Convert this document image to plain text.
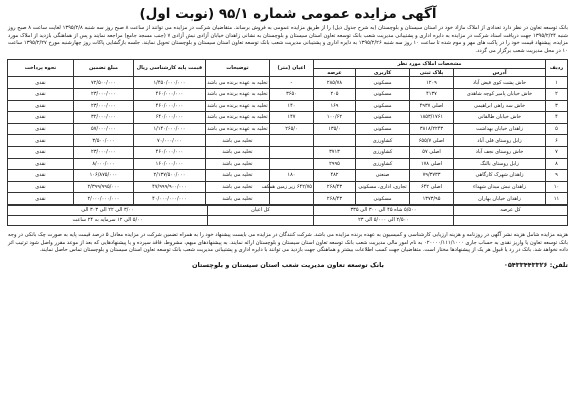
آگهی مزایده عمومی شماره ۹۵/۱ (نوبت اول)
بانک توسعه تعاون در نظر دارد تعدادی از املاک مازاد خود در استان سیستان و بلوچستان (به شرح جدول ذیل) را از طریق مزایده عمومی به فروش برساند. متقاضیان شرکت در مزایده می توانند از ساعت ۸ صبح روز سه شنبه ۱۳۹۵/۲/۸ لغایت ساعت ۸ صبح روز شنبه ۱۳۹۵/۲/۲۴ جهت دریافت اسناد شرکت در مزایده به دایره اداری و پشتیبانی مدیریت شعب بانک توسعه تعاون استان سیستان و بلوچستان به نشانی زاهدان خیابان آزادی نبش آزادی ۷ (جنب مسجد جامع) مراجعه نمایند و پس از هماهنگی بازدید از املاک مورد مزایده، پیشنهاد قیمت خود را در پاکت های مهر و موم شده تا ساعت ۱۰ روز سه شنبه ۱۳۹۵/۲/۲۶ به دایره اداری و پشتیبانی مدیریت شعب بانک توسعه تعاون استان سیستان و بلوچستان تحویل نمایند. جلسه بازگشایی پاکات روز چهارشنبه مورخ ۱۳۹۵/۲/۲۷ ساعت ۱۰ در محل مدیریت شعب برگزار می گردد.
ردیف	مشخصات املاک مورد نظر				اعیان (متر)	توضیحات	قیمت پایه کارشناسی ریال	مبلغ تضمین	نحوه پرداخت
	آدرس	پلاک ثبتی	کاربری	عرصه					
۱	خاش پشت کوی فیض آباد	۱۲۰۹	مسکونی	۲۸۵/۷۸	-	تخلیه به عهده برنده می باشد	۱/۴۵۰/۰۰۰/۰۰۰	۷۲/۵۰۰/۰۰۰	نقدی
۲	خاش خیابان پامیر کوچه شاهدی	۴۱۳۷	مسکونی	۲۰۵	۳۶۵۰	تخلیه به عهده برنده می باشد	۴۶۰/۰۰۰/۰۰۰	۲۳/۰۰۰/۰۰۰	نقدی
۳	خاش سه راهی ابراهیمی	اصلی ۴۹۳۷	مسکونی	۱۶۹	۱۴۰	تخلیه به عهده برنده می باشد	۴۶۰/۰۰۰/۰۰۰	۲۳/۰۰۰/۰۰۰	نقدی
۴	خاش خیابان طالقانی	۱۸۵۳/۱۷۶۱	مسکونی	۱۰۰/۶۲	۱۴۷	تخلیه به عهده برنده می باشد	۶۴۰/۰۰۰/۰۰۰	۳۲/۰۰۰/۰۰۰	نقدی
۵	زاهدان خیابان بهداشت	۳۸۱۸/۲۲۴۳	مسکونی	۱۳۵/۰	۲۶۵/۰	تخلیه به عهده برنده می باشد	۱/۱۴۰/۰۰۰/۰۰۰	۵۷/۰۰۰/۰۰۰	نقدی
۶	زابل روستای قلی آباد	اصلی ۶۵۵/۷	کشاورزی			تخلیه می باشد	۷۰/۰۰۰/۰۰۰	۳/۵۰۰/۰۰۰	نقدی
۷	خاش روستای نجف آباد	اصلی ۵۷	کشاورزی	۳۷۱۳		تخلیه می باشد	۴۶۰/۰۰۰/۰۰۰	۲۳/۰۰۰/۰۰۰	نقدی
۸	زابل روستای بالنگ	اصلی ۱۷۸	کشاورزی	۲۹۹۵		تخلیه می باشد	۱۶۰/۰۰۰/۰۰۰	۸/۰۰۰/۰۰۰	نقدی
۹	زاهدان شهرک کارگاهی	۷۹/۳۷۳۳	صنعتی	۴۸۲	۱۸۰	تخلیه می باشد	۲/۱۳۷/۵۰۰/۰۰۰	۱۰۶/۸۷۵/۰۰۰	نقدی
۱۰	زاهدان نبش میدان شهداء	اصلی ۶۴۲	تجاری، اداری، مسکونی	۲۶۸/۴۳	۶۴۲/۷۵ زیر زمین همکف	تخلیه می باشد	۴۷/۹۹۹/۹۰۰/۰۰۰	۲/۳۹۹/۹۹۵/۰۰۰	نقدی
۱۱	زاهدان خیابان بهاران	۱۳۷۳/۹۵	مسکونی	۲۶۸/۴۳		تخلیه می باشد	۴۰/۰۰۰/۰۰۰/۰۰۰	۲/۰۰۰/۰۰۰/۰۰۰	نقدی
کل عرصه	۵/۵۰۰ شاه ۴۵ الی ۳۰۰ الی ۳۳۵	کل اعیان	۳/۰۰ الی ۲۲ الی ۳۰۳ الی
	۲/۵۰۰ الی ۵/۰۰۰ الی ۲۳		۵/۰۰ الی ۱۲ سرمایه به ۲۴ ساعت
هزینه مزایده شامل هزینه نشر آگهی در روزنامه و هزینه ارزیابی کارشناسی و کمیسیون به عهده برنده مزایده می باشد. شرکت کنندگان در مزایده می بایست پیشنهاد خود را به همراه تضمین شرکت در مزایده معادل ۵ درصد قیمت پایه به صورت چک بانکی در وجه بانک توسعه تعاون یا واریز نقدی به حساب جاری ۰۲۰۰۰۰/۱۱۱/۱۰۰۰ به نام امور مالی مدیریت شعب بانک توسعه تعاون استان سیستان و بلوچستان ارائه نمایند. به پیشنهادهای مبهم، مشروط، فاقد سپرده و یا پیشنهادهایی که بعد از موعد مقرر واصل شود ترتیب اثر داده نخواهد شد. بانک در رد یا قبول هر یک از پیشنهادها مختار است. متقاضیان جهت کسب اطلاعات بیشتر و هماهنگی جهت بازدید می توانند با دایره اداری و پشتیبانی مدیریت شعب بانک توسعه تعاون استان سیستان و بلوچستان تماس حاصل نمایند.
بانک توسعه تعاون مدیریت شعب استان سیستان و بلوچستان	تلفن: ۰۵۴۳۳۴۴۳۳۲۶
